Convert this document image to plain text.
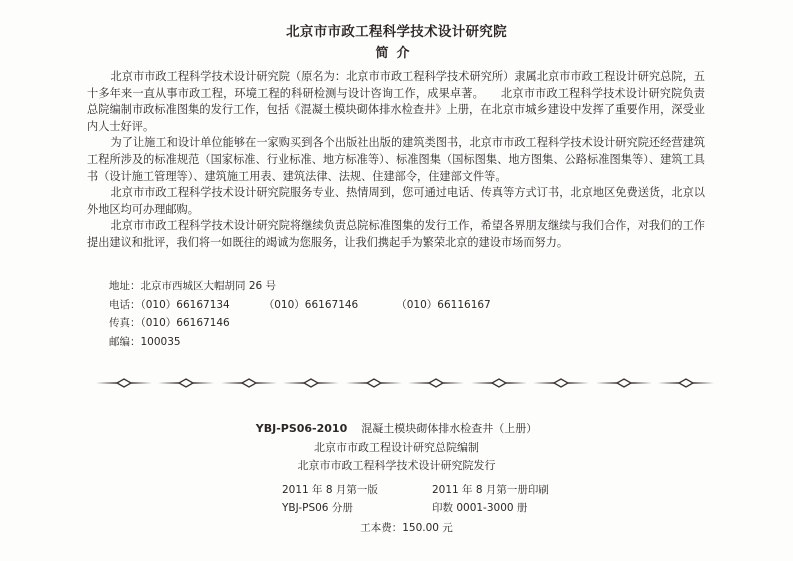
北京市市政工程科学技术设计研究院
简介

北京市市政工程科学技术设计研究院（原名为：北京市市政工程科学技术研究所）隶属北京市市政工程设计研究总院，五十多年来一直从事市政工程，环境工程的科研检测与设计咨询工作，成果卓著。　　北京市市政工程科学技术设计研究院负责总院编制市政标准图集的发行工作，包括《混凝土模块砌体排水检查井》上册，在北京市城乡建设中发挥了重要作用，深受业内人士好评。

为了让施工和设计单位能够在一家购买到各个出版社出版的建筑类图书，北京市市政工程科学技术设计研究院还经营建筑工程所涉及的标准规范（国家标准、行业标准、地方标准等）、标准图集（国标图集、地方图集、公路标准图集等）、建筑工具书（设计施工管理等）、建筑施工用表、建筑法律、法规、住建部令，住建部文件等。

北京市市政工程科学技术设计研究院服务专业、热情周到，您可通过电话、传真等方式订书，北京地区免费送货，北京以外地区均可办理邮购。

北京市市政工程科学技术设计研究院将继续负责总院标准图集的发行工作，希望各界朋友继续与我们合作，对我们的工作提出建议和批评，我们将一如既往的竭诚为您服务，让我们携起手为繁荣北京的建设市场而努力。

地址：北京市西城区大帽胡同 26 号
电话：（010）66167134	（010）66167146	（010）66116167
传真：（010）66167146
邮编：100035
YBJ-PS06-2010 混凝土模块砌体排水检查井（上册）
北京市市政工程设计研究总院编制
北京市市政工程科学技术设计研究院发行
2011 年 8 月第一版	2011 年 8 月第一册印刷
YBJ-PS06 分册	印数 0001-3000 册
工本费：150.00 元
